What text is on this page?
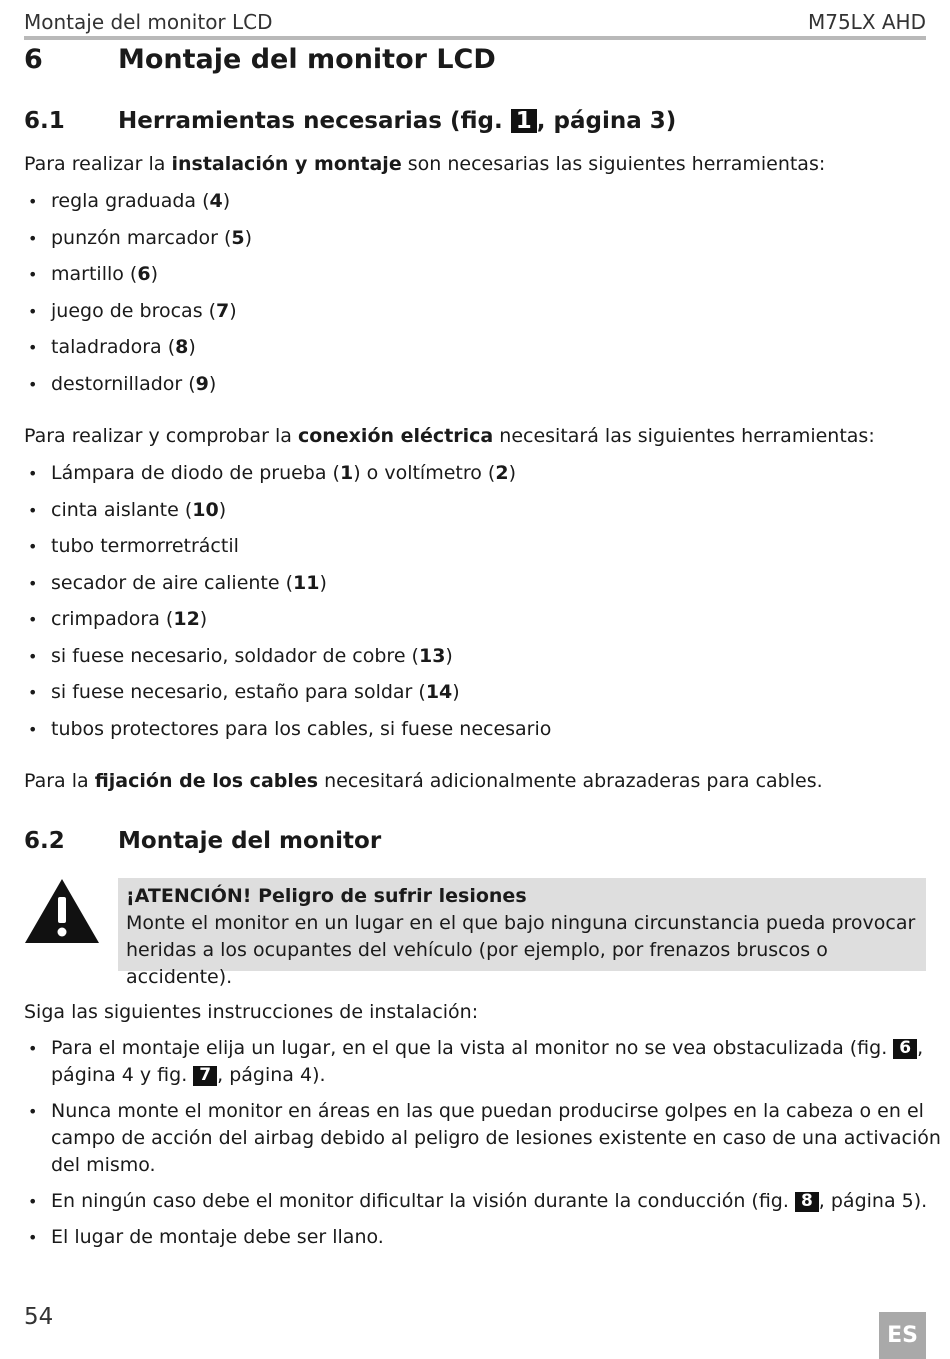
Montaje del monitor LCD	M75LX AHD
6	Montaje del monitor LCD
6.1 Herramientas necesarias (fig. 1 , página 3)
Para realizar la instalación y montaje son necesarias las siguientes herramientas:
• regla graduada (4)
• punzón marcador (5)
• martillo (6)
• juego de brocas (7)
• taladradora (8)
• destornillador (9)
Para realizar y comprobar la conexión eléctrica necesitará las siguientes herramientas:
• Lámpara de diodo de prueba (1) o voltímetro (2)
• cinta aislante (10)
• tubo termorretráctil
• secador de aire caliente (11)
• crimpadora (12)
• si fuese necesario, soldador de cobre (13)
• si fuese necesario, estaño para soldar (14)
• tubos protectores para los cables, si fuese necesario
Para la fijación de los cables necesitará adicionalmente abrazaderas para cables.
6.2 Montaje del monitor
¡ATENCIÓN! Peligro de sufrir lesiones
Monte el monitor en un lugar en el que bajo ninguna circunstancia pueda provocar
heridas a los ocupantes del vehículo (por ejemplo, por frenazos bruscos o accidente).
Siga las siguientes instrucciones de instalación:
• Para el montaje elija un lugar, en el que la vista al monitor no se vea obstaculizada (fig. 6 ,
página 4 y fig. 7 , página 4).
• Nunca monte el monitor en áreas en las que puedan producirse golpes en la cabeza o en el
campo de acción del airbag debido al peligro de lesiones existente en caso de una activación
del mismo.
• En ningún caso debe el monitor dificultar la visión durante la conducción (fig. 8 , página 5).
• El lugar de montaje debe ser llano.
54
ES
